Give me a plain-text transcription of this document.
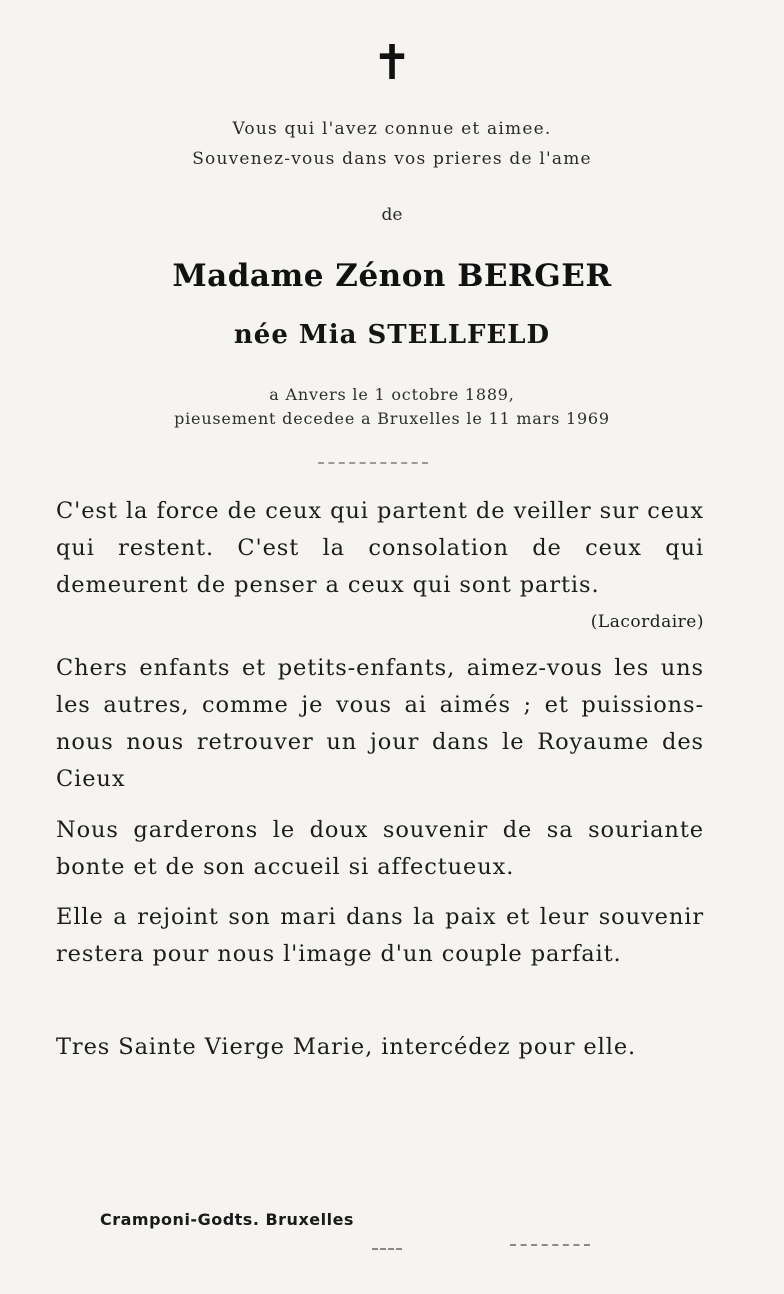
✝
Vous qui l'avez connue et aimee.
Souvenez-vous dans vos prieres de l'ame
de
Madame Zénon BERGER
née Mia STELLFELD
a Anvers le 1 octobre 1889,
pieusement decedee a Bruxelles le 11 mars 1969
C'est la force de ceux qui partent de veiller sur ceux qui restent. C'est la consolation de ceux qui demeurent de penser a ceux qui sont partis.
(Lacordaire)
Chers enfants et petits-enfants, aimez-vous les uns les autres, comme je vous ai aimés ; et puissions-nous nous retrouver un jour dans le Royaume des Cieux
Nous garderons le doux souvenir de sa souriante bonte et de son accueil si affectueux.
Elle a rejoint son mari dans la paix et leur souvenir restera pour nous l'image d'un couple parfait.
Tres Sainte Vierge Marie, intercédez pour elle.
Cramponi-Godts. Bruxelles
